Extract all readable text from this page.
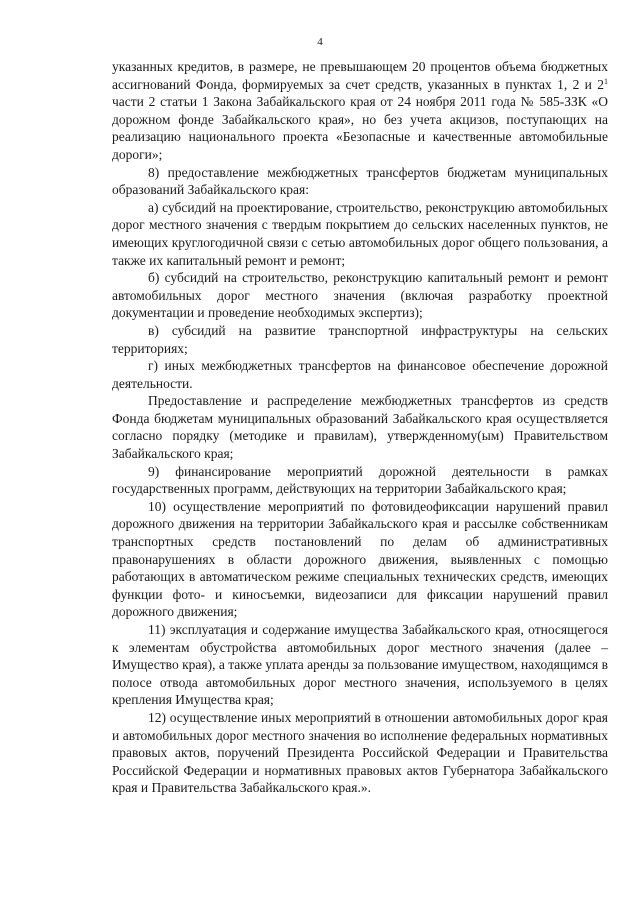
4

указанных кредитов, в размере, не превышающем 20 процентов объема бюджетных ассигнований Фонда, формируемых за счет средств, указанных в пунктах 1, 2 и $2^1$ части 2 статьи 1 Закона Забайкальского края от 24 ноября 2011 года № 585-ЗЗК «О дорожном фонде Забайкальского края», но без учета акцизов, поступающих на реализацию национального проекта «Безопасные и качественные автомобильные дороги»;

8) предоставление межбюджетных трансфертов бюджетам муниципальных образований Забайкальского края:

а) субсидий на проектирование, строительство, реконструкцию автомобильных дорог местного значения с твердым покрытием до сельских населенных пунктов, не имеющих круглогодичной связи с сетью автомобильных дорог общего пользования, а также их капитальный ремонт и ремонт;

б) субсидий на строительство, реконструкцию капитальный ремонт и ремонт автомобильных дорог местного значения (включая разработку проектной документации и проведение необходимых экспертиз);

в) субсидий на развитие транспортной инфраструктуры на сельских территориях;

г) иных межбюджетных трансфертов на финансовое обеспечение дорожной деятельности.

Предоставление и распределение межбюджетных трансфертов из средств Фонда бюджетам муниципальных образований Забайкальского края осуществляется согласно порядку (методике и правилам), утвержденному(ым) Правительством Забайкальского края;

9) финансирование мероприятий дорожной деятельности в рамках государственных программ, действующих на территории Забайкальского края;

10) осуществление мероприятий по фотовидеофиксации нарушений правил дорожного движения на территории Забайкальского края и рассылке собственникам транспортных средств постановлений по делам об административных правонарушениях в области дорожного движения, выявленных с помощью работающих в автоматическом режиме специальных технических средств, имеющих функции фото- и киносъемки, видеозаписи для фиксации нарушений правил дорожного движения;

11) эксплуатация и содержание имущества Забайкальского края, относящегося к элементам обустройства автомобильных дорог местного значения (далее – Имущество края), а также уплата аренды за пользование имуществом, находящимся в полосе отвода автомобильных дорог местного значения, используемого в целях крепления Имущества края;

12) осуществление иных мероприятий в отношении автомобильных дорог края и автомобильных дорог местного значения во исполнение федеральных нормативных правовых актов, поручений Президента Российской Федерации и Правительства Российской Федерации и нормативных правовых актов Губернатора Забайкальского края и Правительства Забайкальского края.».
